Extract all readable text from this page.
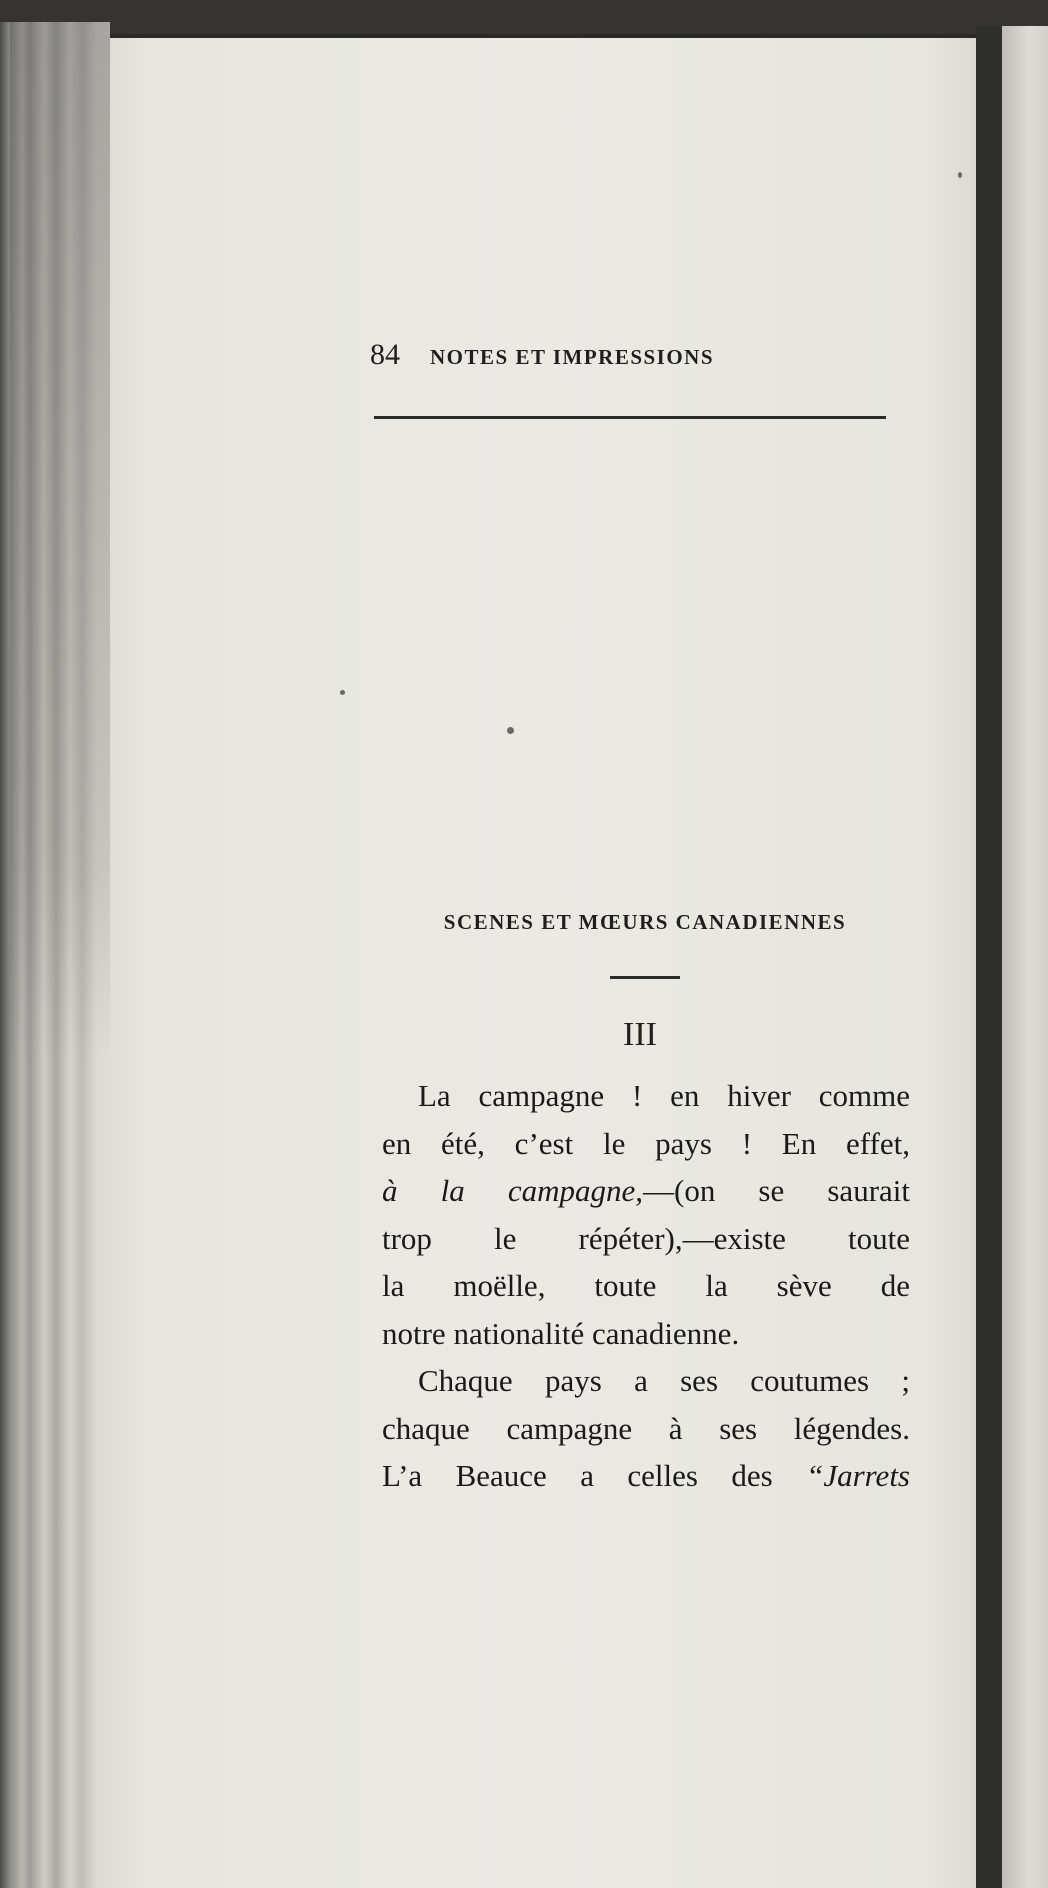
84 NOTES ET IMPRESSIONS
SCENES ET MŒURS CANADIENNES
III
La campagne ! en hiver comme
en été, c’est le pays ! En effet,
à la campagne,—(on se saurait
trop le répéter),—existe toute
la moëlle, toute la sève de
notre nationalité canadienne.
Chaque pays a ses coutumes ;
chaque campagne à ses légendes.
L’a Beauce a celles des “Jarrets
